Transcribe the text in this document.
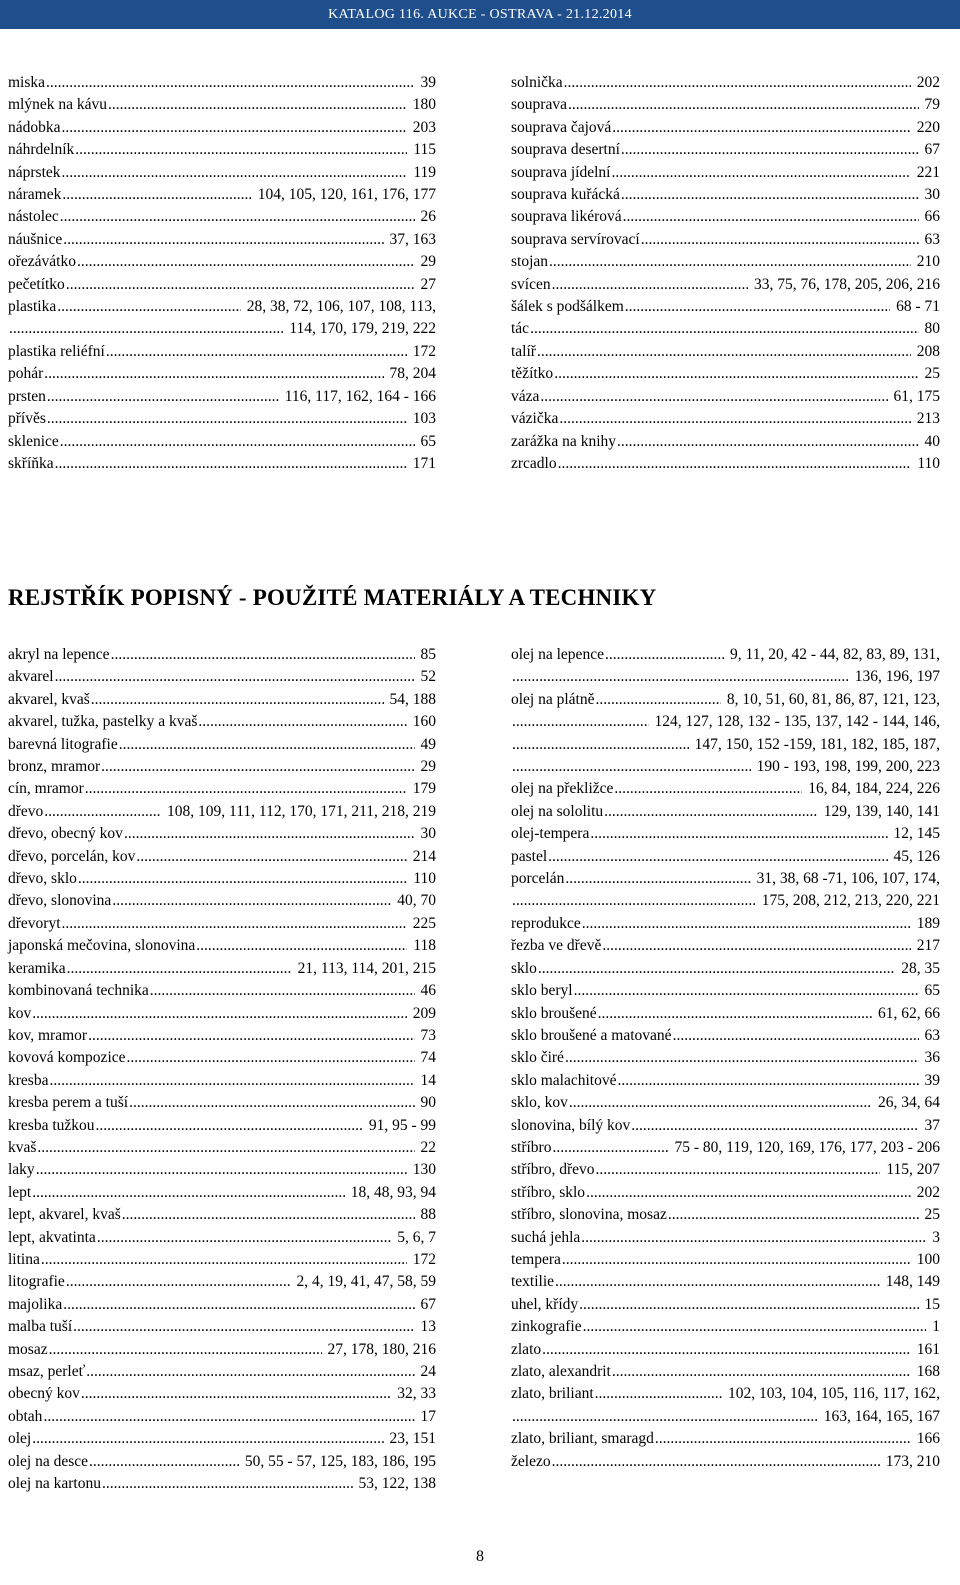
KATALOG 116. AUKCE - OSTRAVA - 21.12.2014
miska .....	39
mlýnek na kávu .....	180
nádobka .....	203
náhrdelník .....	115
náprstek .....	119
náramek .....	104, 105, 120, 161, 176, 177
nástolec .....	26
náušnice .....	37, 163
ořezávátko .....	29
pečetítko .....	27
plastika .....	28, 38, 72, 106, 107, 108, 113,
.....
114, 170, 179, 219, 222
plastika reliéfní .....	172
pohár .....	78, 204
prsten .....	116, 117, 162, 164 - 166
přívěs .....	103
sklenice .....	65
skříňka .....	171
solnička .....	202
souprava .....	79
souprava čajová .....	220
souprava desertní .....	67
souprava jídelní .....	221
souprava kuřácká .....	30
souprava likérová .....	66
souprava servírovací .....	63
stojan .....	210
svícen .....	33, 75, 76, 178, 205, 206, 216
šálek s podšálkem .....	68 - 71
tác .....	80
talíř .....	208
těžítko .....	25
váza .....	61, 175
vázička .....	213
zarážka na knihy .....	40
zrcadlo .....	110
REJSTŘÍK POPISNÝ - POUŽITÉ MATERIÁLY A TECHNIKY
akryl na lepence .....	85
akvarel .....	52
akvarel, kvaš .....	54, 188
akvarel, tužka, pastelky a kvaš .....	160
barevná litografie .....	49
bronz, mramor .....	29
cín, mramor .....	179
dřevo .....	108, 109, 111, 112, 170, 171, 211, 218, 219
dřevo, obecný kov .....	30
dřevo, porcelán, kov .....	214
dřevo, sklo .....	110
dřevo, slonovina .....	40, 70
dřevoryt .....	225
japonská mečovina, slonovina .....	118
keramika .....	21, 113, 114, 201, 215
kombinovaná technika .....	46
kov .....	209
kov, mramor .....	73
kovová kompozice .....	74
kresba .....	14
kresba perem a tuší .....	90
kresba tužkou .....	91, 95 - 99
kvaš .....	22
laky .....	130
lept .....	18, 48, 93, 94
lept, akvarel, kvaš .....	88
lept, akvatinta .....	5, 6, 7
litina .....	172
litografie .....	2, 4, 19, 41, 47, 58, 59
majolika .....	67
malba tuší .....	13
mosaz .....	27, 178, 180, 216
msaz, perleť .....	24
obecný kov .....	32, 33
obtah .....	17
olej .....	23, 151
olej na desce .....	50, 55 - 57, 125, 183, 186, 195
olej na kartonu .....	53, 122, 138
olej na lepence .....	9, 11, 20, 42 - 44, 82, 83, 89, 131,
.....
136, 196, 197
olej na plátně .....	8, 10, 51, 60, 81, 86, 87, 121, 123,
.....
124, 127, 128, 132 - 135, 137, 142 - 144, 146,
.....
147, 150, 152 -159, 181, 182, 185, 187,
.....
190 - 193, 198, 199, 200, 223
olej na překližce .....	16, 84, 184, 224, 226
olej na sololitu .....	129, 139, 140, 141
olej-tempera .....	12, 145
pastel .....	45, 126
porcelán .....	31, 38, 68 -71, 106, 107, 174,
.....
175, 208, 212, 213, 220, 221
reprodukce .....	189
řezba ve dřevě .....	217
sklo .....	28, 35
sklo beryl .....	65
sklo broušené .....	61, 62, 66
sklo broušené a matované .....	63
sklo čiré .....	36
sklo malachitové .....	39
sklo, kov .....	26, 34, 64
slonovina, bílý kov .....	37
stříbro .....	75 - 80, 119, 120, 169, 176, 177, 203 - 206
stříbro, dřevo .....	115, 207
stříbro, sklo .....	202
stříbro, slonovina, mosaz .....	25
suchá jehla .....	3
tempera .....	100
textilie .....	148, 149
uhel, křídy .....	15
zinkografie .....	1
zlato .....	161
zlato, alexandrit .....	168
zlato, briliant .....	102, 103, 104, 105, 116, 117, 162,
.....
163, 164, 165, 167
zlato, briliant, smaragd .....	166
železo .....	173, 210
8
